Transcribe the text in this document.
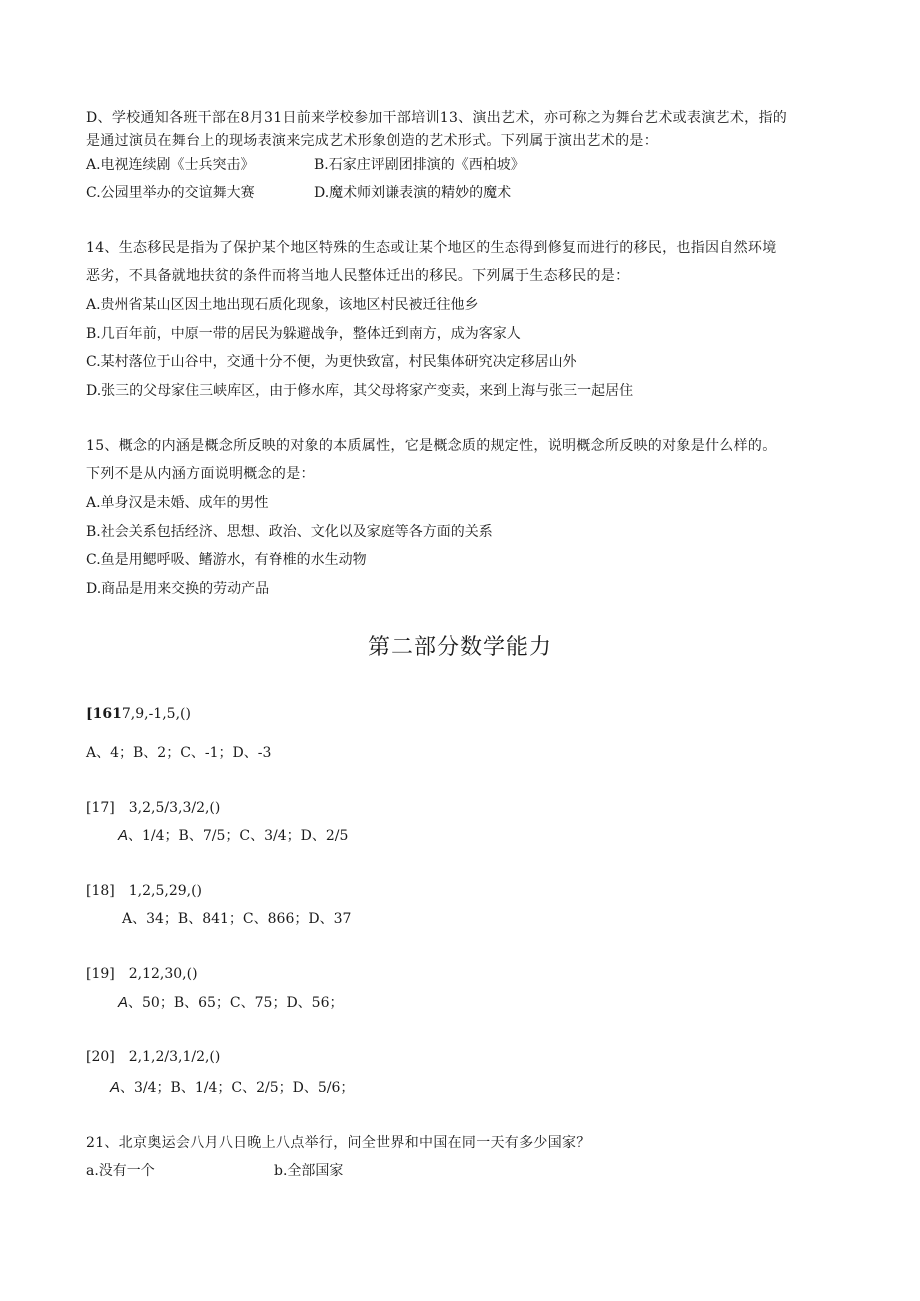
D、学校通知各班干部在8月31日前来学校参加干部培训13、演出艺术，亦可称之为舞台艺术或表演艺术，指的
是通过演员在舞台上的现场表演来完成艺术形象创造的艺术形式。下列属于演出艺术的是：
A.电视连续剧《士兵突击》	B.石家庄评剧团排演的《西柏坡》
C.公园里举办的交谊舞大赛	D.魔术师刘谦表演的精妙的魔术
14、生态移民是指为了保护某个地区特殊的生态或让某个地区的生态得到修复而进行的移民，也指因自然环境
恶劣，不具备就地扶贫的条件而将当地人民整体迁出的移民。下列属于生态移民的是：
A.贵州省某山区因土地出现石质化现象，该地区村民被迁往他乡
B.几百年前，中原一带的居民为躲避战争，整体迁到南方，成为客家人
C.某村落位于山谷中，交通十分不便，为更快致富，村民集体研究决定移居山外
D.张三的父母家住三峡库区，由于修水库，其父母将家产变卖，来到上海与张三一起居住
15、概念的内涵是概念所反映的对象的本质属性，它是概念质的规定性，说明概念所反映的对象是什么样的。
下列不是从内涵方面说明概念的是：
A.单身汉是未婚、成年的男性
B.社会关系包括经济、思想、政治、文化以及家庭等各方面的关系
C.鱼是用鳃呼吸、鳍游水，有脊椎的水生动物
D.商品是用来交换的劳动产品
第二部分数学能力
[1617,9,-1,5,()
A、4；B、2；C、-1；D、-3
[17] 3,2,5/3,3/2,()
A、1/4；B、7/5；C、3/4；D、2/5
[18] 1,2,5,29,()
A、34；B、841；C、866；D、37
[19] 2,12,30,()
A、50；B、65；C、75；D、56；
[20] 2,1,2/3,1/2,()
A、3/4；B、1/4；C、2/5；D、5/6；
21、北京奥运会八月八日晚上八点举行，问全世界和中国在同一天有多少国家？
a.没有一个	b.全部国家
